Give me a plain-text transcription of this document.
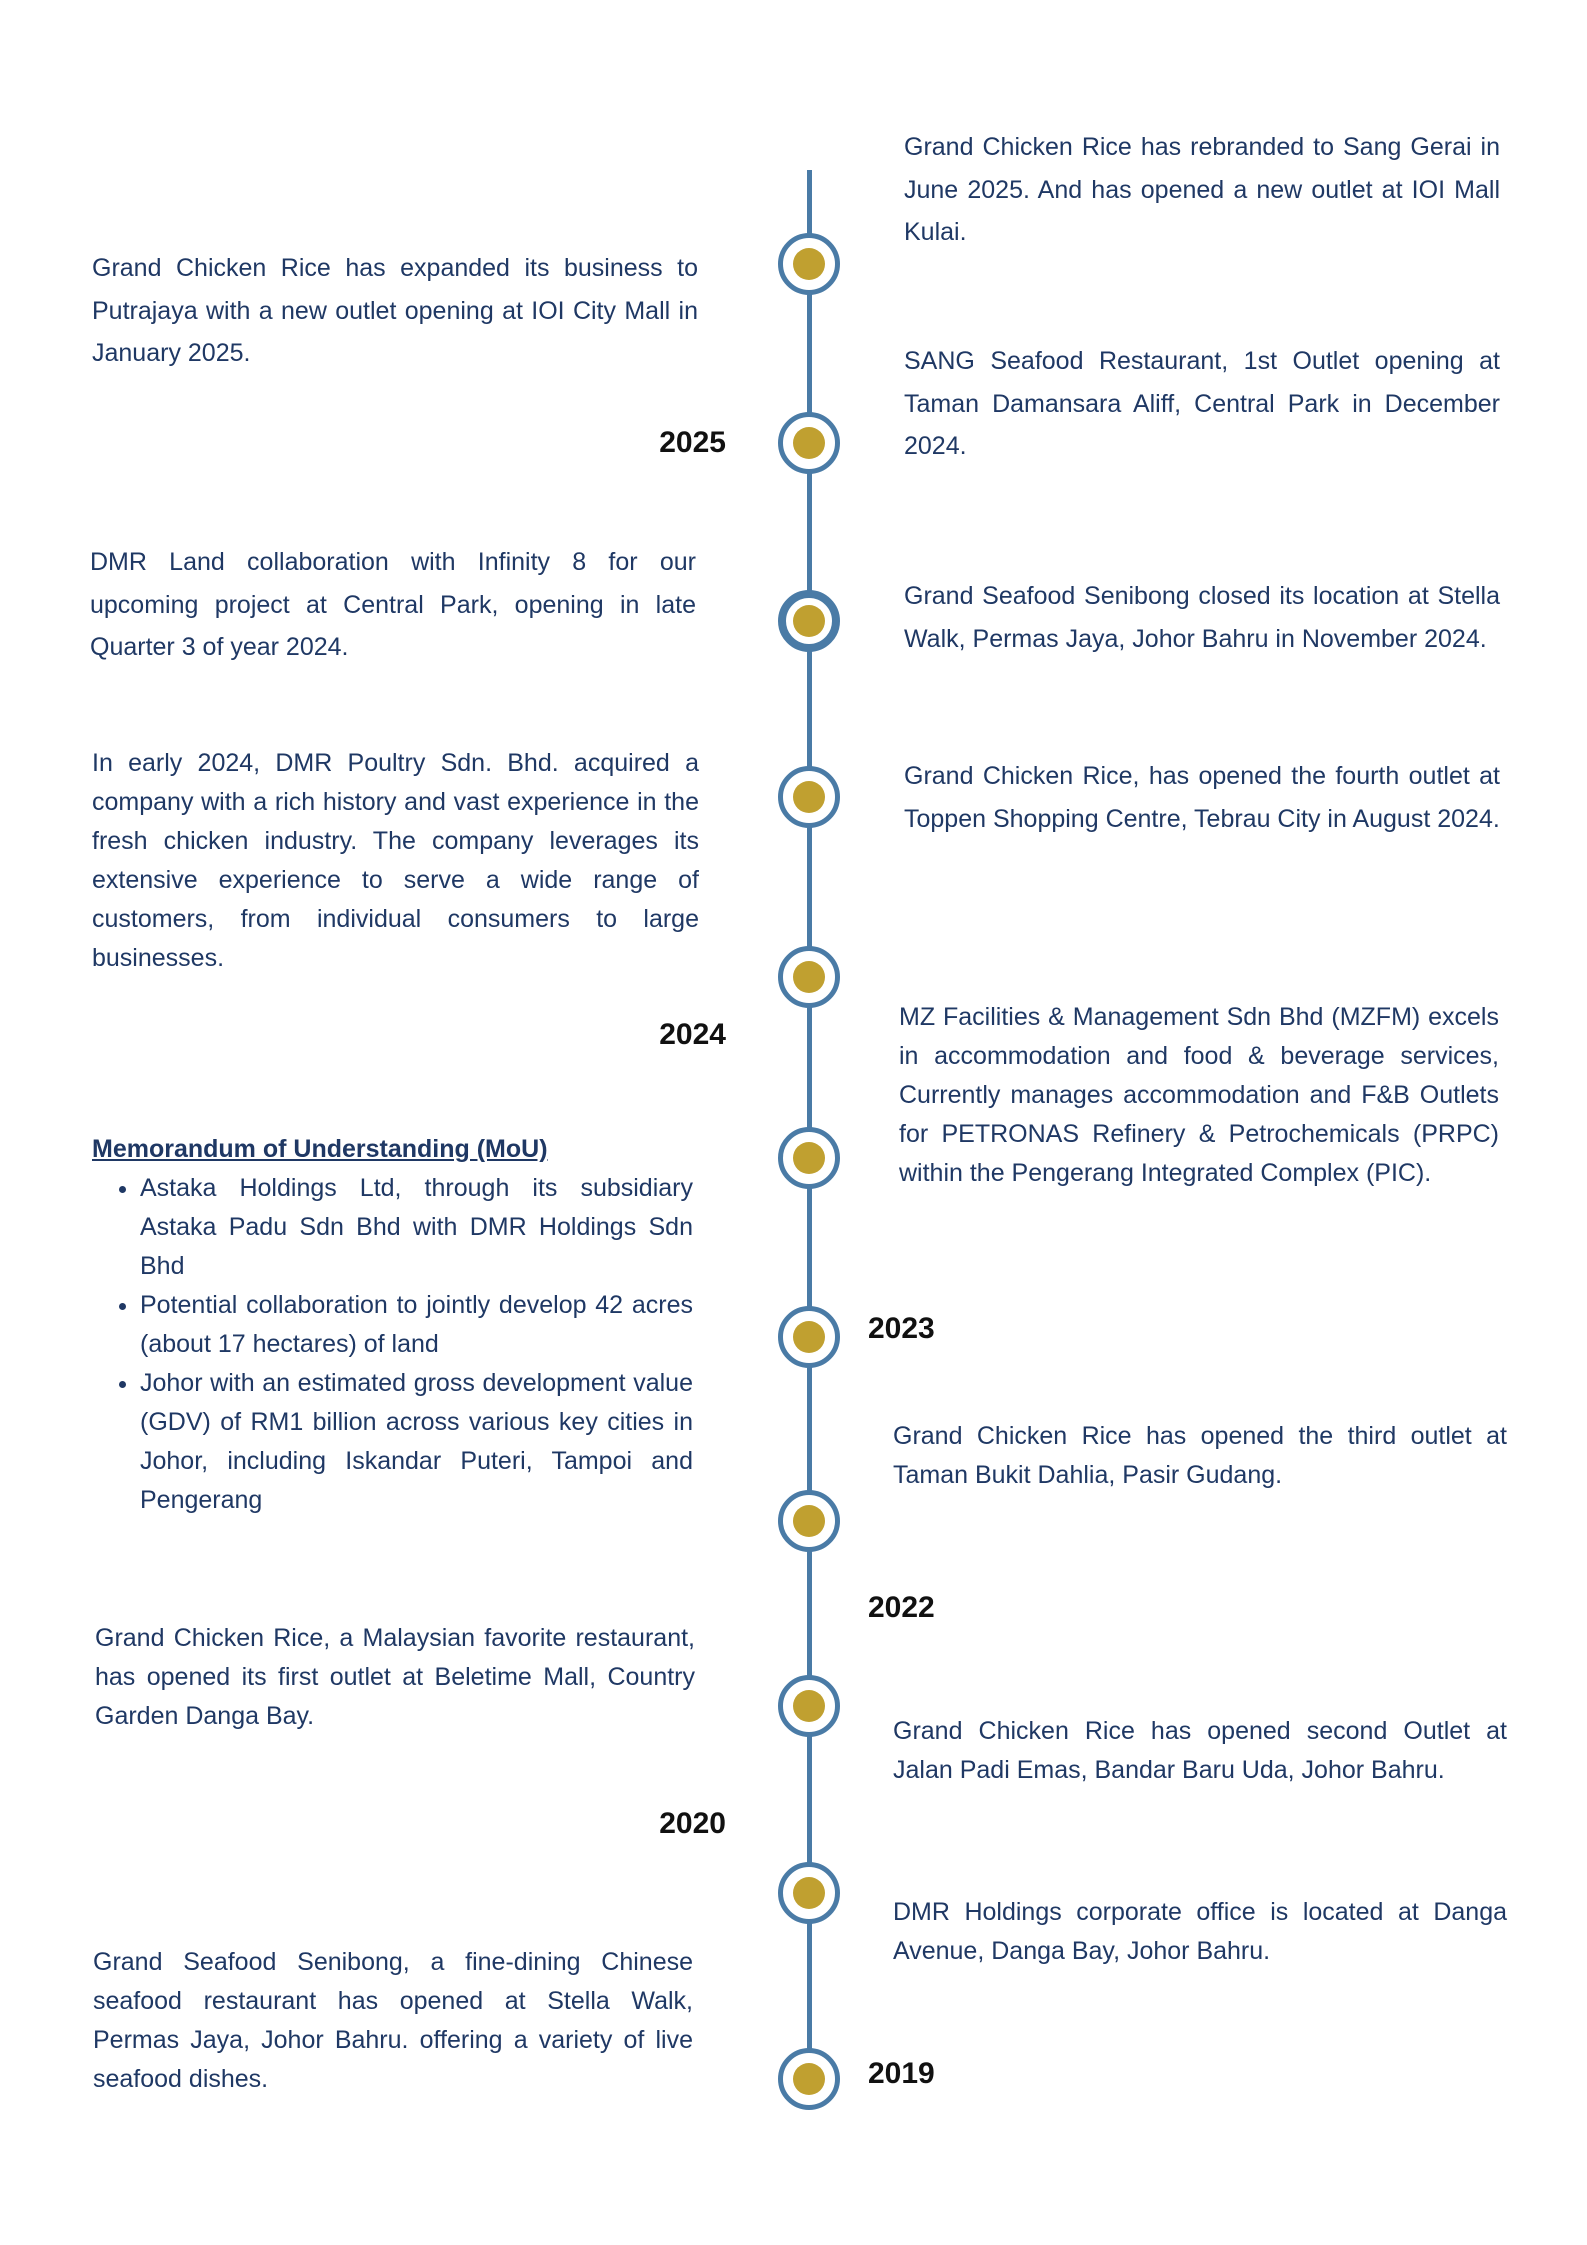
2025

2024

2023

2022

2020

2019

Grand Chicken Rice has rebranded to Sang Gerai in June 2025. And has opened a new outlet at IOI Mall Kulai.

SANG Seafood Restaurant, 1st Outlet opening at Taman Damansara Aliff, Central Park in December 2024.

Grand Seafood Senibong closed its location at Stella Walk, Permas Jaya, Johor Bahru in November 2024.

Grand Chicken Rice, has opened the fourth outlet at Toppen Shopping Centre, Tebrau City in August 2024.

MZ Facilities & Management Sdn Bhd (MZFM) excels in accommodation and food & beverage services, Currently manages accommodation and F&B Outlets for PETRONAS Refinery & Petrochemicals (PRPC) within the Pengerang Integrated Complex (PIC).

Grand Chicken Rice has opened the third outlet at Taman Bukit Dahlia, Pasir Gudang.

Grand Chicken Rice has opened second Outlet at Jalan Padi Emas, Bandar Baru Uda, Johor Bahru.

DMR Holdings corporate office is located at Danga Avenue, Danga Bay, Johor Bahru.

Grand Chicken Rice has expanded its business to Putrajaya with a new outlet opening at IOI City Mall in January 2025.

DMR Land collaboration with Infinity 8 for our upcoming project at Central Park, opening in late Quarter 3 of year 2024.

In early 2024, DMR Poultry Sdn. Bhd. acquired a company with a rich history and vast experience in the fresh chicken industry. The company leverages its extensive experience to serve a wide range of customers, from individual consumers to large businesses.

Memorandum of Understanding (MoU)

• Astaka Holdings Ltd, through its subsidiary Astaka Padu Sdn Bhd with DMR Holdings Sdn Bhd
• Potential collaboration to jointly develop 42 acres (about 17 hectares) of land
• Johor with an estimated gross development value (GDV) of RM1 billion across various key cities in Johor, including Iskandar Puteri, Tampoi and Pengerang

Grand Chicken Rice, a Malaysian favorite restaurant, has opened its first outlet at Beletime Mall, Country Garden Danga Bay.

Grand Seafood Senibong, a fine-dining Chinese seafood restaurant has opened at Stella Walk, Permas Jaya, Johor Bahru. offering a variety of live seafood dishes.
